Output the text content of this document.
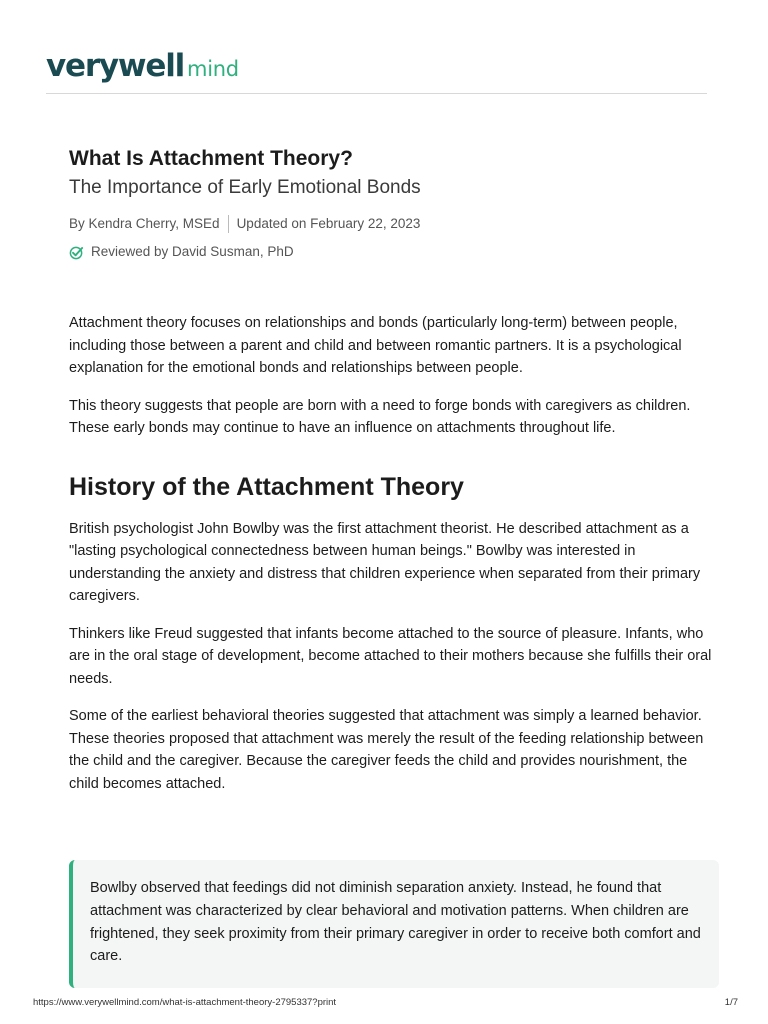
verywell mind
What Is Attachment Theory?
The Importance of Early Emotional Bonds
By Kendra Cherry, MSEd Updated on February 22, 2023
Reviewed by David Susman, PhD

Attachment theory focuses on relationships and bonds (particularly long-term) between people, including those between a parent and child and between romantic partners. It is a psychological explanation for the emotional bonds and relationships between people.

This theory suggests that people are born with a need to forge bonds with caregivers as children. These early bonds may continue to have an influence on attachments throughout life.

History of the Attachment Theory

British psychologist John Bowlby was the first attachment theorist. He described attachment as a "lasting psychological connectedness between human beings." Bowlby was interested in understanding the anxiety and distress that children experience when separated from their primary caregivers.

Thinkers like Freud suggested that infants become attached to the source of pleasure. Infants, who are in the oral stage of development, become attached to their mothers because she fulfills their oral needs.

Some of the earliest behavioral theories suggested that attachment was simply a learned behavior. These theories proposed that attachment was merely the result of the feeding relationship between the child and the caregiver. Because the caregiver feeds the child and provides nourishment, the child becomes attached.

Bowlby observed that feedings did not diminish separation anxiety. Instead, he found that attachment was characterized by clear behavioral and motivation patterns. When children are frightened, they seek proximity from their primary caregiver in order to receive both comfort and care.

https://www.verywellmind.com/what-is-attachment-theory-2795337?print	1/7
